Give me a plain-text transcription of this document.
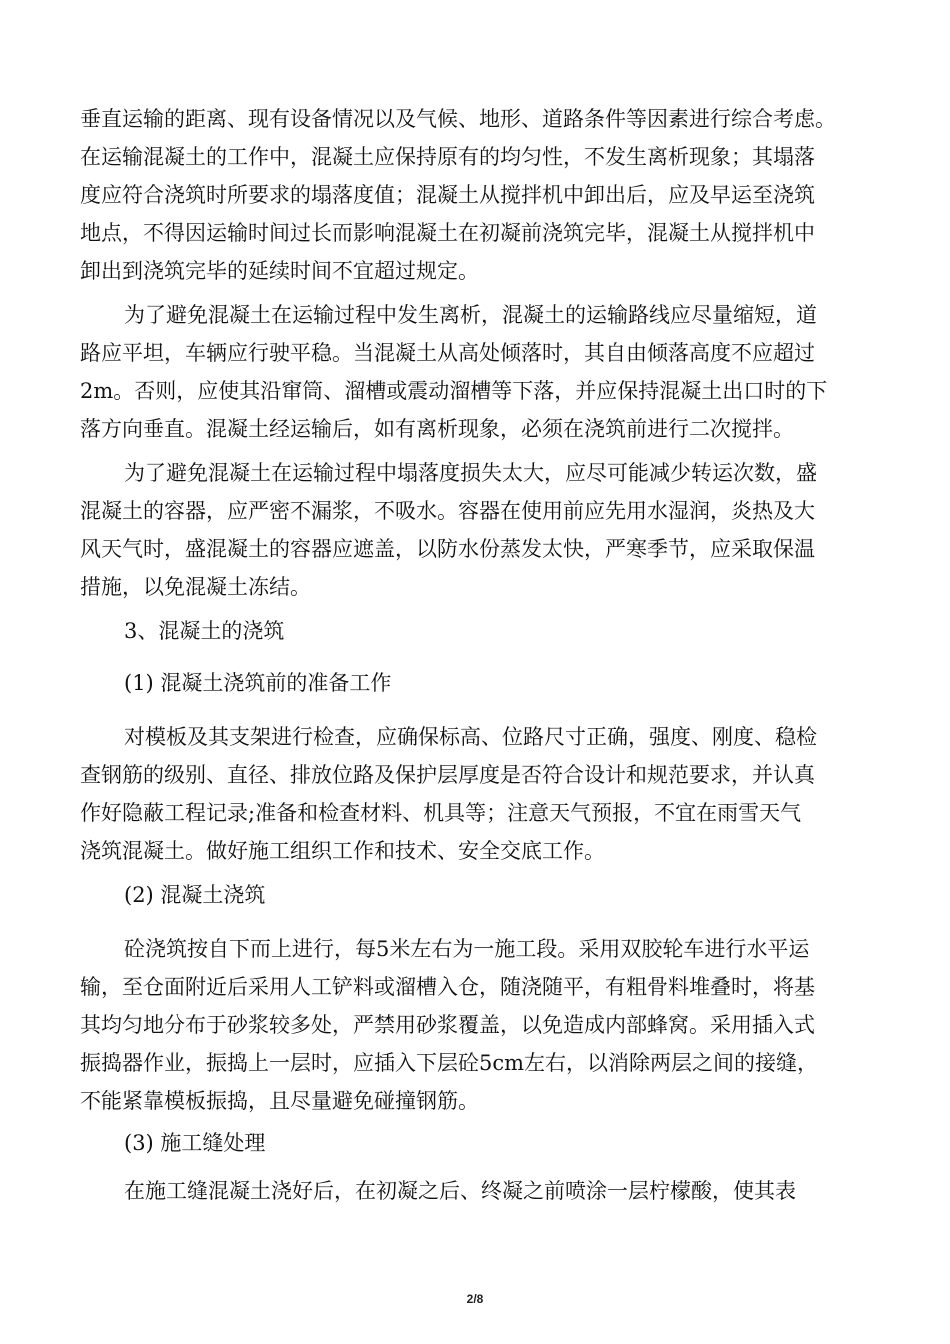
垂直运输的距离、现有设备情况以及气候、地形、道路条件等因素进行综合考虑。
在运输混凝土的工作中，混凝土应保持原有的均匀性，不发生离析现象；其塌落
度应符合浇筑时所要求的塌落度值；混凝土从搅拌机中卸出后，应及早运至浇筑
地点，不得因运输时间过长而影响混凝土在初凝前浇筑完毕，混凝土从搅拌机中
卸出到浇筑完毕的延续时间不宜超过规定。
为了避免混凝土在运输过程中发生离析，混凝土的运输路线应尽量缩短，道
路应平坦，车辆应行驶平稳。当混凝土从高处倾落时，其自由倾落高度不应超过
2m。否则，应使其沿窜筒、溜槽或震动溜槽等下落，并应保持混凝土出口时的下
落方向垂直。混凝土经运输后，如有离析现象，必须在浇筑前进行二次搅拌。
为了避免混凝土在运输过程中塌落度损失太大，应尽可能减少转运次数，盛
混凝土的容器，应严密不漏浆，不吸水。容器在使用前应先用水湿润，炎热及大
风天气时，盛混凝土的容器应遮盖，以防水份蒸发太快，严寒季节，应采取保温
措施，以免混凝土冻结。
3、混凝土的浇筑
(1) 混凝土浇筑前的准备工作
对模板及其支架进行检查，应确保标高、位路尺寸正确，强度、刚度、稳检
查钢筋的级别、直径、排放位路及保护层厚度是否符合设计和规范要求，并认真
作好隐蔽工程记录;准备和检查材料、机具等；注意天气预报，不宜在雨雪天气
浇筑混凝土。做好施工组织工作和技术、安全交底工作。
(2) 混凝土浇筑
砼浇筑按自下而上进行，每5米左右为一施工段。采用双胶轮车进行水平运
输，至仓面附近后采用人工铲料或溜槽入仓，随浇随平，有粗骨料堆叠时，将基
其均匀地分布于砂浆较多处，严禁用砂浆覆盖，以免造成内部蜂窝。采用插入式
振捣器作业，振捣上一层时，应插入下层砼5cm左右，以消除两层之间的接缝，
不能紧靠模板振捣，且尽量避免碰撞钢筋。
(3) 施工缝处理
在施工缝混凝土浇好后，在初凝之后、终凝之前喷涂一层柠檬酸，使其表
2/8
